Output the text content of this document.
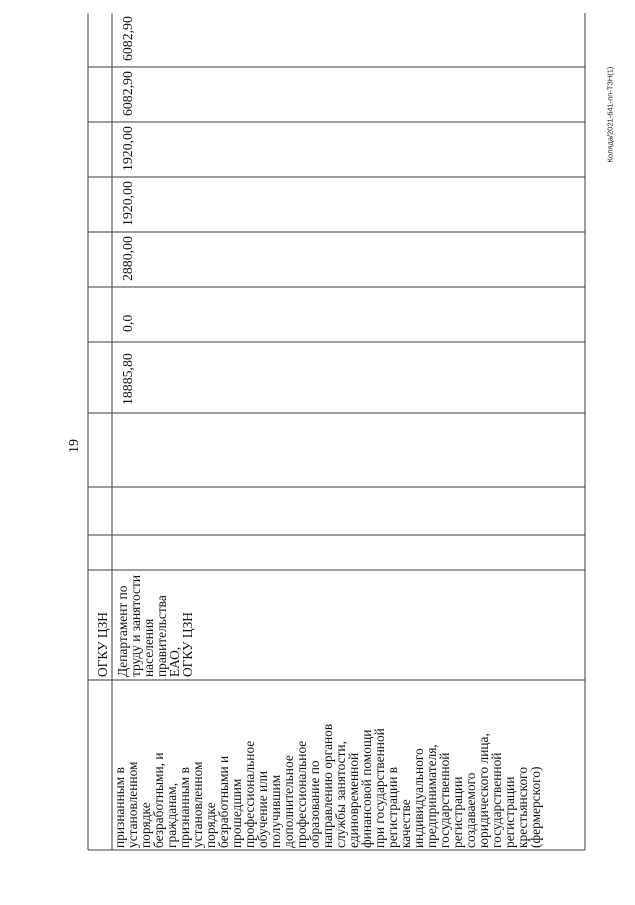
19
Коляда/2021-641-пп-ТЗН(1)
признанным в
установленном
порядке
безработными, и
гражданам,
признанным в
установленном
порядке
безработными и
прошедшим
профессиональное
обучение или
получившим
дополнительное
профессиональное
образование по
направлению органов
службы занятости,
единовременной
финансовой помощи
при государственной
регистрации в
качестве
индивидуального
предпринимателя,
государственной
регистрации
создаваемого
юридического лица,
государственной
регистрации
крестьянского
(фермерского)
ОГКУ ЦЗН Департамент по
труду и занятости
населения
правительства
ЕАО,
ОГКУ ЦЗН
18885,80
0,0
2880,00
1920,00
1920,00
6082,90
6082,90
